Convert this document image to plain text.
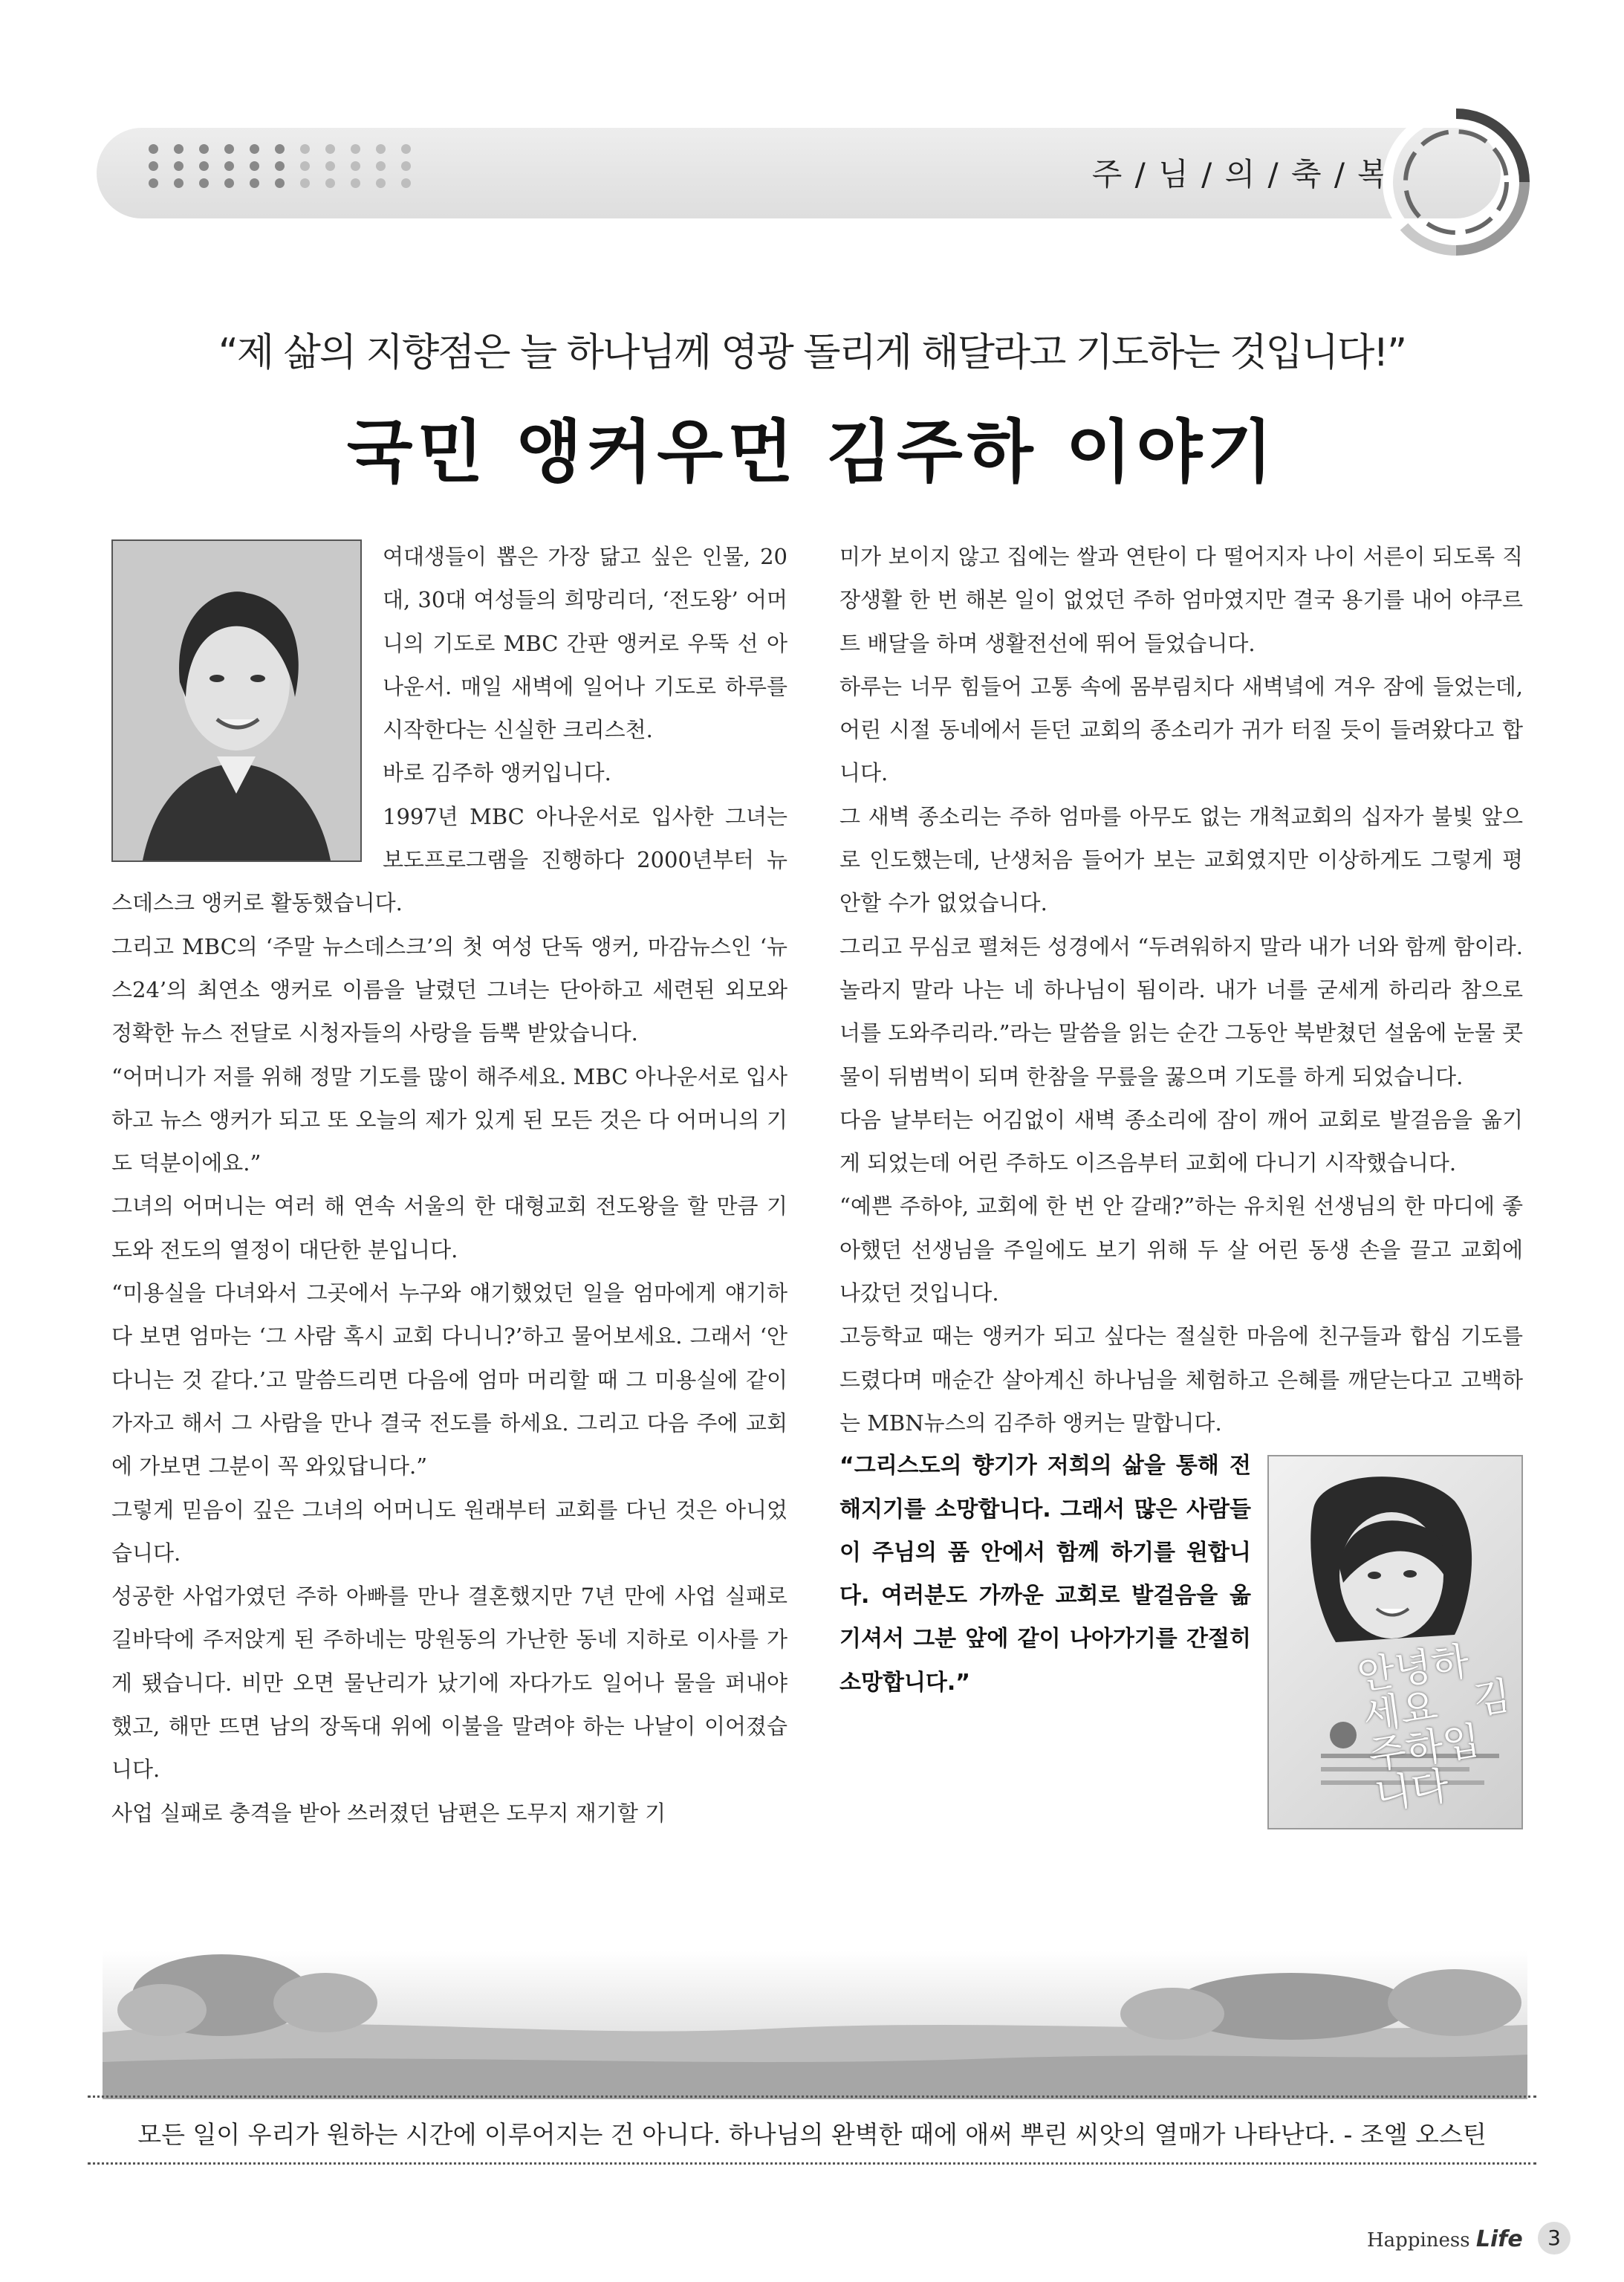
주 / 님 / 의 / 축 / 복
“제 삶의 지향점은 늘 하나님께 영광 돌리게 해달라고 기도하는 것입니다!”
국민 앵커우먼 김주하 이야기

여대생들이 뽑은 가장 닮고 싶은 인물, 20대, 30대 여성들의 희망리더, ‘전도왕’ 어머니의 기도로 MBC 간판 앵커로 우뚝 선 아나운서. 매일 새벽에 일어나 기도로 하루를 시작한다는 신실한 크리스천.

바로 김주하 앵커입니다.

1997년 MBC 아나운서로 입사한 그녀는 보도프로그램을 진행하다 2000년부터 뉴스데스크 앵커로 활동했습니다.

그리고 MBC의 ‘주말 뉴스데스크’의 첫 여성 단독 앵커, 마감뉴스인 ‘뉴스24’의 최연소 앵커로 이름을 날렸던 그녀는 단아하고 세련된 외모와 정확한 뉴스 전달로 시청자들의 사랑을 듬뿍 받았습니다.

“어머니가 저를 위해 정말 기도를 많이 해주세요. MBC 아나운서로 입사하고 뉴스 앵커가 되고 또 오늘의 제가 있게 된 모든 것은 다 어머니의 기도 덕분이에요.”

그녀의 어머니는 여러 해 연속 서울의 한 대형교회 전도왕을 할 만큼 기도와 전도의 열정이 대단한 분입니다.

“미용실을 다녀와서 그곳에서 누구와 얘기했었던 일을 엄마에게 얘기하다 보면 엄마는 ‘그 사람 혹시 교회 다니니?’하고 물어보세요. 그래서 ‘안 다니는 것 같다.’고 말씀드리면 다음에 엄마 머리할 때 그 미용실에 같이 가자고 해서 그 사람을 만나 결국 전도를 하세요. 그리고 다음 주에 교회에 가보면 그분이 꼭 와있답니다.”

그렇게 믿음이 깊은 그녀의 어머니도 원래부터 교회를 다닌 것은 아니었습니다.

성공한 사업가였던 주하 아빠를 만나 결혼했지만 7년 만에 사업 실패로 길바닥에 주저앉게 된 주하네는 망원동의 가난한 동네 지하로 이사를 가게 됐습니다. 비만 오면 물난리가 났기에 자다가도 일어나 물을 퍼내야 했고, 해만 뜨면 남의 장독대 위에 이불을 말려야 하는 나날이 이어졌습니다.

사업 실패로 충격을 받아 쓰러졌던 남편은 도무지 재기할 기

미가 보이지 않고 집에는 쌀과 연탄이 다 떨어지자 나이 서른이 되도록 직장생활 한 번 해본 일이 없었던 주하 엄마였지만 결국 용기를 내어 야쿠르트 배달을 하며 생활전선에 뛰어 들었습니다.

하루는 너무 힘들어 고통 속에 몸부림치다 새벽녘에 겨우 잠에 들었는데, 어린 시절 동네에서 듣던 교회의 종소리가 귀가 터질 듯이 들려왔다고 합니다.

그 새벽 종소리는 주하 엄마를 아무도 없는 개척교회의 십자가 불빛 앞으로 인도했는데, 난생처음 들어가 보는 교회였지만 이상하게도 그렇게 평안할 수가 없었습니다.

그리고 무심코 펼쳐든 성경에서 “두려워하지 말라 내가 너와 함께 함이라. 놀라지 말라 나는 네 하나님이 됨이라. 내가 너를 굳세게 하리라 참으로 너를 도와주리라.”라는 말씀을 읽는 순간 그동안 북받쳤던 설움에 눈물 콧물이 뒤범벅이 되며 한참을 무릎을 꿇으며 기도를 하게 되었습니다.

다음 날부터는 어김없이 새벽 종소리에 잠이 깨어 교회로 발걸음을 옮기게 되었는데 어린 주하도 이즈음부터 교회에 다니기 시작했습니다.

“예쁜 주하야, 교회에 한 번 안 갈래?”하는 유치원 선생님의 한 마디에 좋아했던 선생님을 주일에도 보기 위해 두 살 어린 동생 손을 끌고 교회에 나갔던 것입니다.

고등학교 때는 앵커가 되고 싶다는 절실한 마음에 친구들과 합심 기도를 드렸다며 매순간 살아계신 하나님을 체험하고 은혜를 깨닫는다고 고백하는 MBN뉴스의 김주하 앵커는 말합니다.

안녕하세요 김주하입니다

“그리스도의 향기가 저희의 삶을 통해 전해지기를 소망합니다. 그래서 많은 사람들이 주님의 품 안에서 함께 하기를 원합니다. 여러분도 가까운 교회로 발걸음을 옮기셔서 그분 앞에 같이 나아가기를 간절히 소망합니다.”

모든 일이 우리가 원하는 시간에 이루어지는 건 아니다. 하나님의 완벽한 때에 애써 뿌린 씨앗의 열매가 나타난다. - 조엘 오스틴
Happiness Life	3
